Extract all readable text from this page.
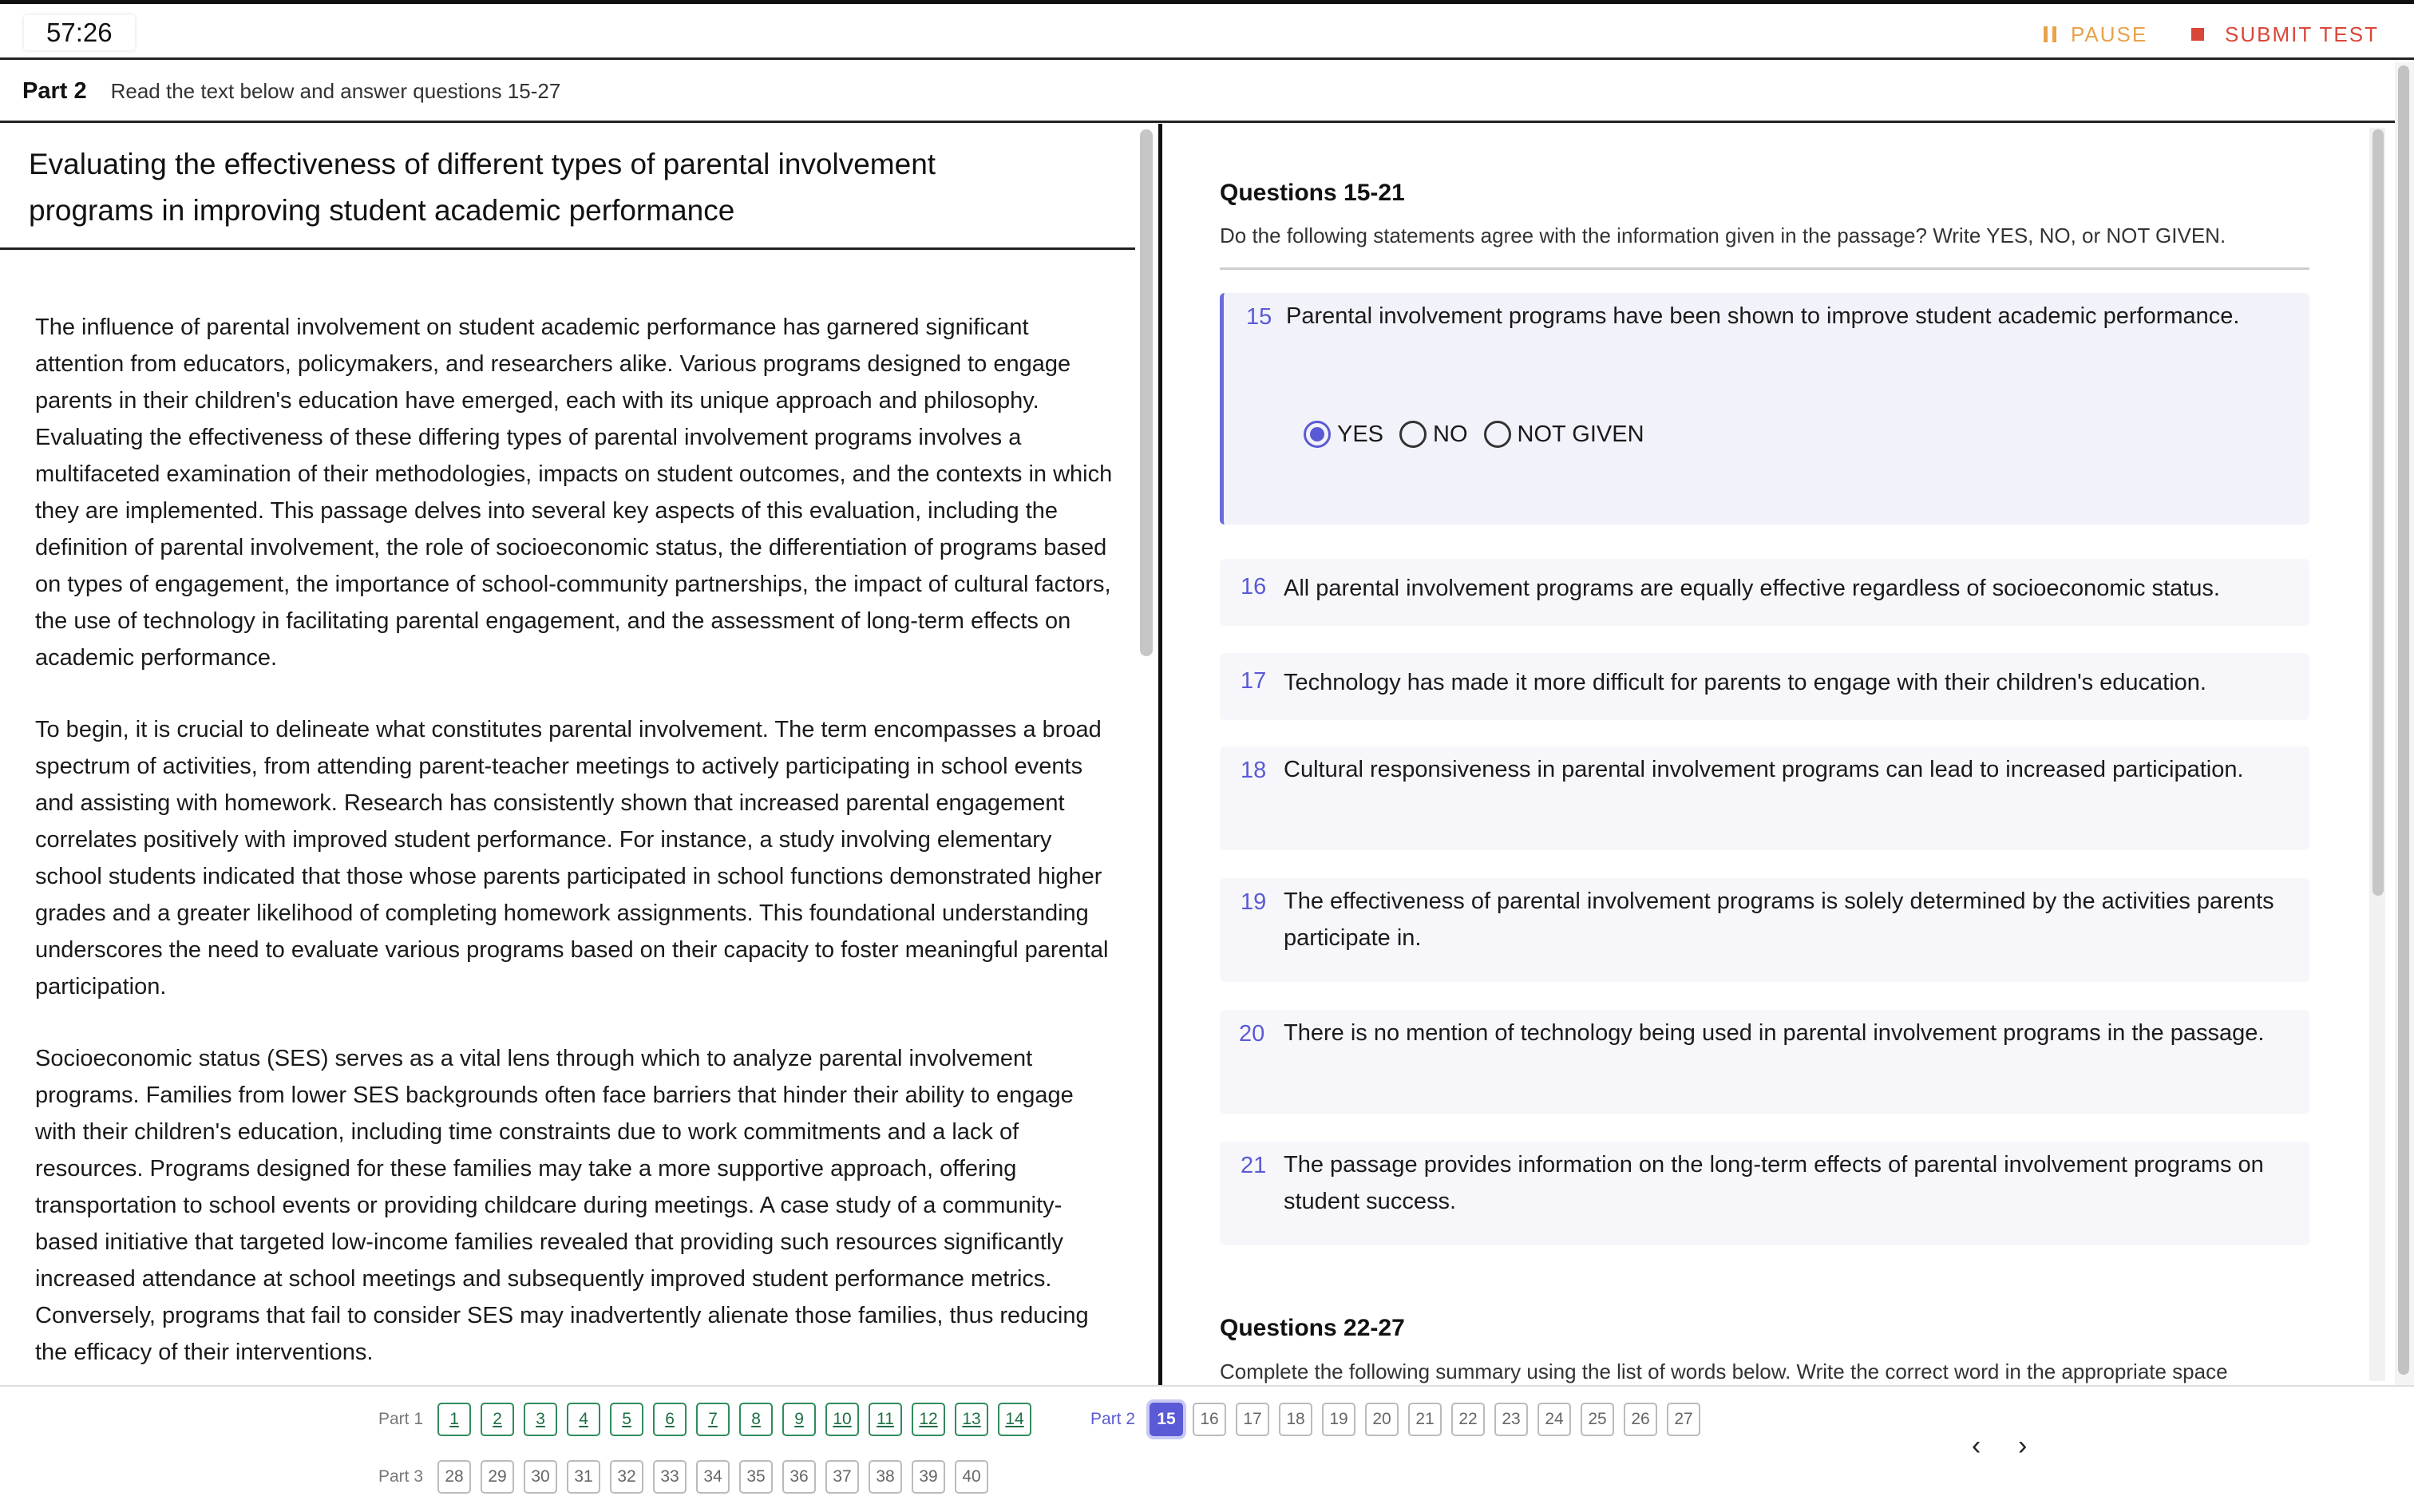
57:26	PAUSE	SUBMIT TEST
Part 2 Read the text below and answer questions 15-27
Evaluating the effectiveness of different types of parental involvement programs in improving student academic performance

The influence of parental involvement on student academic performance has garnered significant attention from educators, policymakers, and researchers alike. Various programs designed to engage parents in their children's education have emerged, each with its unique approach and philosophy. Evaluating the effectiveness of these differing types of parental involvement programs involves a multifaceted examination of their methodologies, impacts on student outcomes, and the contexts in which they are implemented. This passage delves into several key aspects of this evaluation, including the definition of parental involvement, the role of socioeconomic status, the differentiation of programs based on types of engagement, the importance of school-community partnerships, the impact of cultural factors, the use of technology in facilitating parental engagement, and the assessment of long-term effects on academic performance.

To begin, it is crucial to delineate what constitutes parental involvement. The term encompasses a broad spectrum of activities, from attending parent-teacher meetings to actively participating in school events and assisting with homework. Research has consistently shown that increased parental engagement correlates positively with improved student performance. For instance, a study involving elementary school students indicated that those whose parents participated in school functions demonstrated higher grades and a greater likelihood of completing homework assignments. This foundational understanding underscores the need to evaluate various programs based on their capacity to foster meaningful parental participation.

Socioeconomic status (SES) serves as a vital lens through which to analyze parental involvement programs. Families from lower SES backgrounds often face barriers that hinder their ability to engage with their children's education, including time constraints due to work commitments and a lack of resources. Programs designed for these families may take a more supportive approach, offering transportation to school events or providing childcare during meetings. A case study of a community-based initiative that targeted low-income families revealed that providing such resources significantly increased attendance at school meetings and subsequently improved student performance metrics. Conversely, programs that fail to consider SES may inadvertently alienate those families, thus reducing the efficacy of their interventions.

Questions 15-21
Do the following statements agree with the information given in the passage? Write YES, NO, or NOT GIVEN.
15 Parental involvement programs have been shown to improve student academic performance.
YES NO NOT GIVEN
16 All parental involvement programs are equally effective regardless of socioeconomic status.
17 Technology has made it more difficult for parents to engage with their children's education.
18 Cultural responsiveness in parental involvement programs can lead to increased participation.
19 The effectiveness of parental involvement programs is solely determined by the activities parents participate in.
20 There is no mention of technology being used in parental involvement programs in the passage.
21 The passage provides information on the long-term effects of parental involvement programs on student success.
Questions 22-27
Complete the following summary using the list of words below. Write the correct word in the appropriate space
Part 1	1	2	3	4	5	6	7	8	9	10	11	12	13	14	Part 2	15	16	17	18	19	20	21	22	23	24	25	26	27
Part 3	28	29	30	31	32	33	34	35	36	37	38	39	40
‹ ›
